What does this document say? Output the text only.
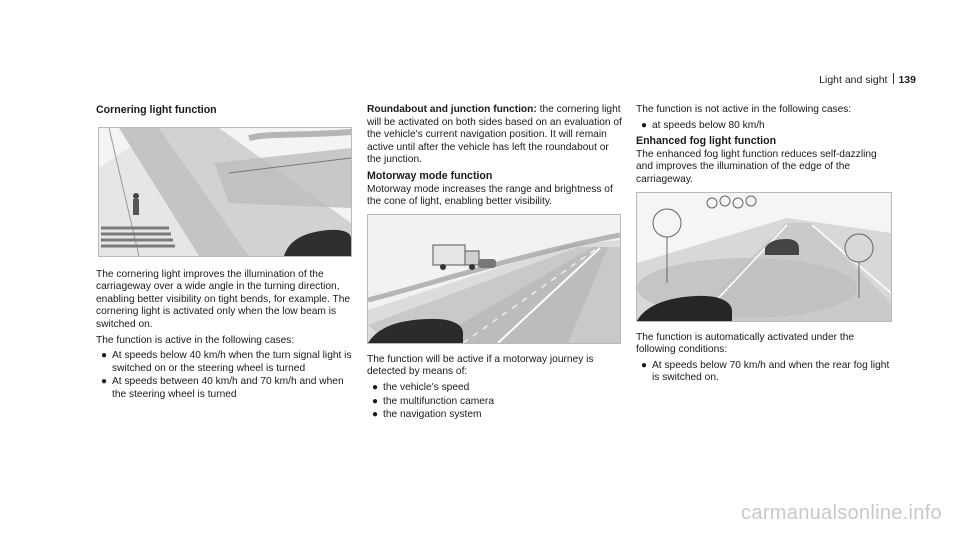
Light and sight 139
Cornering light function

The cornering light improves the illumination of the carriageway over a wide angle in the turning direction, enabling better visibility on tight bends, for example. The cornering light is activated only when the low beam is switched on.

The function is active in the following cases:

● At speeds below 40 km/h when the turn signal light is switched on or the steering wheel is turned
● At speeds between 40 km/h and 70 km/h and when the steering wheel is turned

Roundabout and junction function: the cornering light will be activated on both sides based on an evaluation of the vehicle's current navigation position. It will remain active until after the vehicle has left the roundabout or the junction.

Motorway mode function

Motorway mode increases the range and brightness of the cone of light, enabling better visibility.

The function will be active if a motorway journey is detected by means of:

● the vehicle's speed
● the multifunction camera
● the navigation system

The function is not active in the following cases:

● at speeds below 80 km/h
Enhanced fog light function

The enhanced fog light function reduces self-dazzling and improves the illumination of the edge of the carriageway.

The function is automatically activated under the following conditions:

● At speeds below 70 km/h and when the rear fog light is switched on.
carmanualsonline.info
